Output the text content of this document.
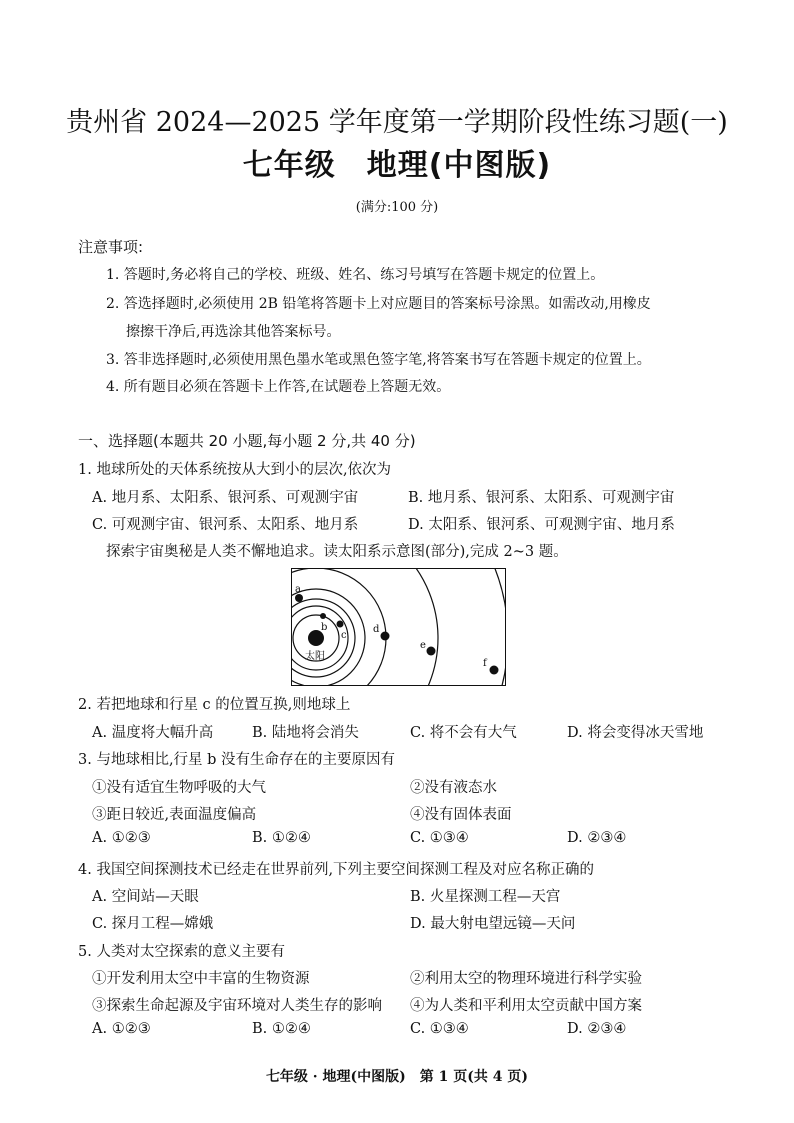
贵州省 2024—2025 学年度第一学期阶段性练习题(一)
七年级　地理(中图版)
(满分:100 分)
注意事项:
1. 答题时,务必将自己的学校、班级、姓名、练习号填写在答题卡规定的位置上。
2. 答选择题时,必须使用 2B 铅笔将答题卡上对应题目的答案标号涂黑。如需改动,用橡皮
擦擦干净后,再选涂其他答案标号。
3. 答非选择题时,必须使用黑色墨水笔或黑色签字笔,将答案书写在答题卡规定的位置上。
4. 所有题目必须在答题卡上作答,在试题卷上答题无效。
一、选择题(本题共 20 小题,每小题 2 分,共 40 分)
1. 地球所处的天体系统按从大到小的层次,依次为
A. 地月系、太阳系、银河系、可观测宇宙	B. 地月系、银河系、太阳系、可观测宇宙
C. 可观测宇宙、银河系、太阳系、地月系	D. 太阳系、银河系、可观测宇宙、地月系
探索宇宙奥秘是人类不懈地追求。读太阳系示意图(部分),完成 2~3 题。
太阳
a
b
c
d
e
f
2. 若把地球和行星 c 的位置互换,则地球上
A. 温度将大幅升高	B. 陆地将会消失	C. 将不会有大气	D. 将会变得冰天雪地
3. 与地球相比,行星 b 没有生命存在的主要原因有
①没有适宜生物呼吸的大气	②没有液态水
③距日较近,表面温度偏高	④没有固体表面
A. ①②③	B. ①②④	C. ①③④	D. ②③④
4. 我国空间探测技术已经走在世界前列,下列主要空间探测工程及对应名称正确的
A. 空间站—天眼	B. 火星探测工程—天宫
C. 探月工程—嫦娥	D. 最大射电望远镜—天问
5. 人类对太空探索的意义主要有
①开发利用太空中丰富的生物资源	②利用太空的物理环境进行科学实验
③探索生命起源及宇宙环境对人类生存的影响 ④为人类和平利用太空贡献中国方案
A. ①②③	B. ①②④	C. ①③④	D. ②③④
七年级 · 地理(中图版)　第 1 页(共 4 页)
